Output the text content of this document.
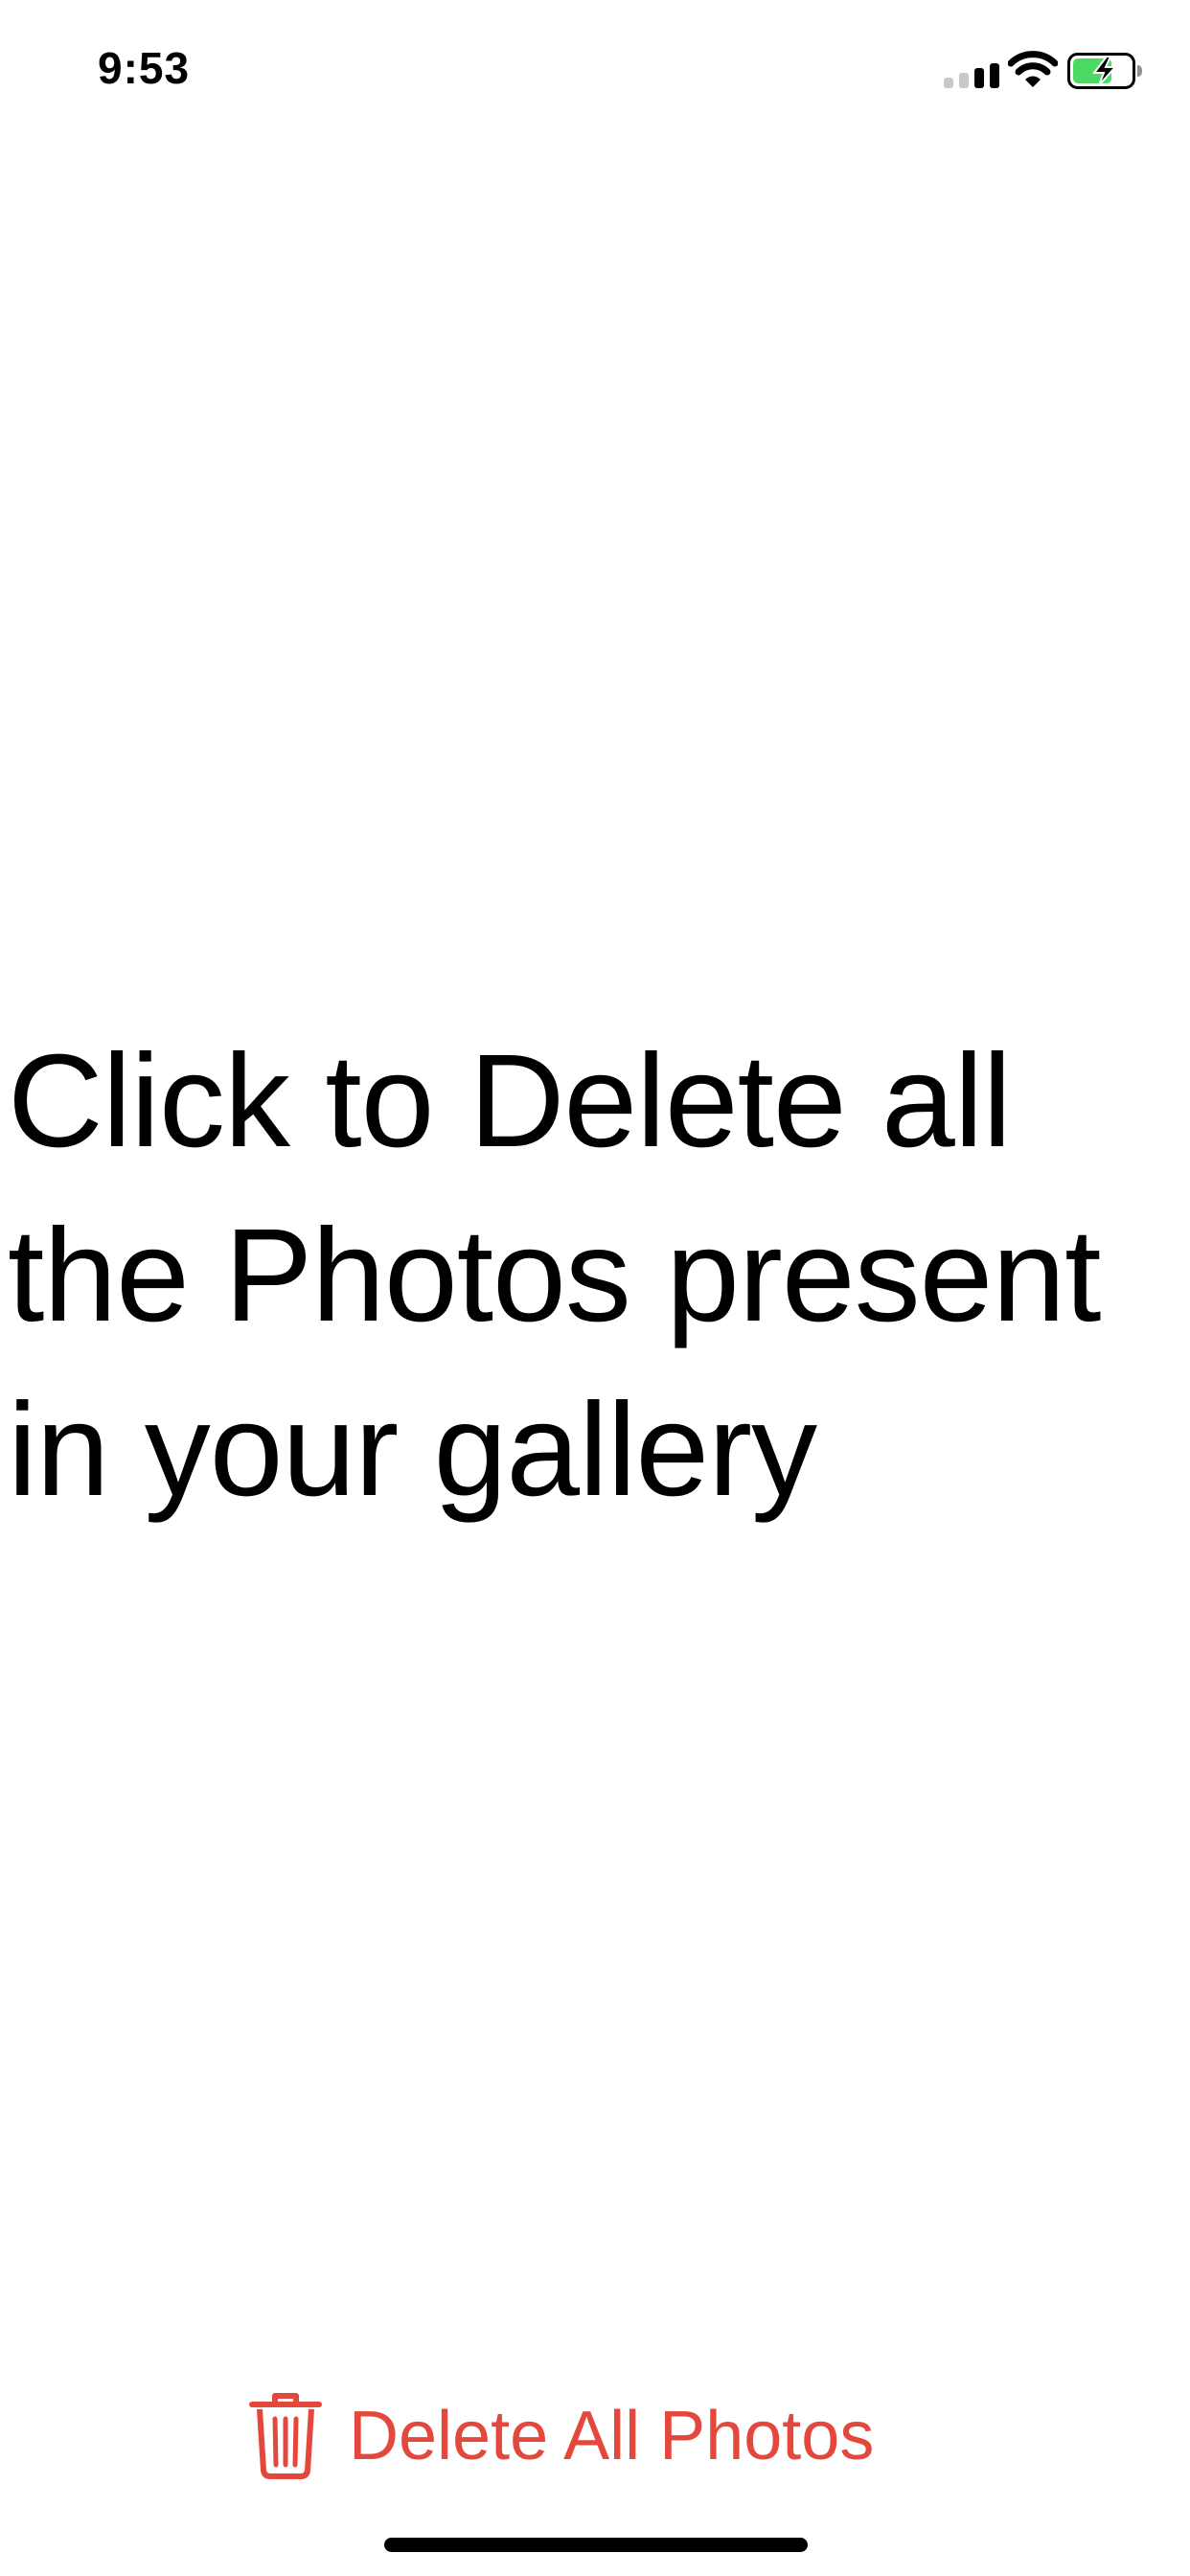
9:53

Click to Delete all the Photos present in your gallery

Delete All Photos
